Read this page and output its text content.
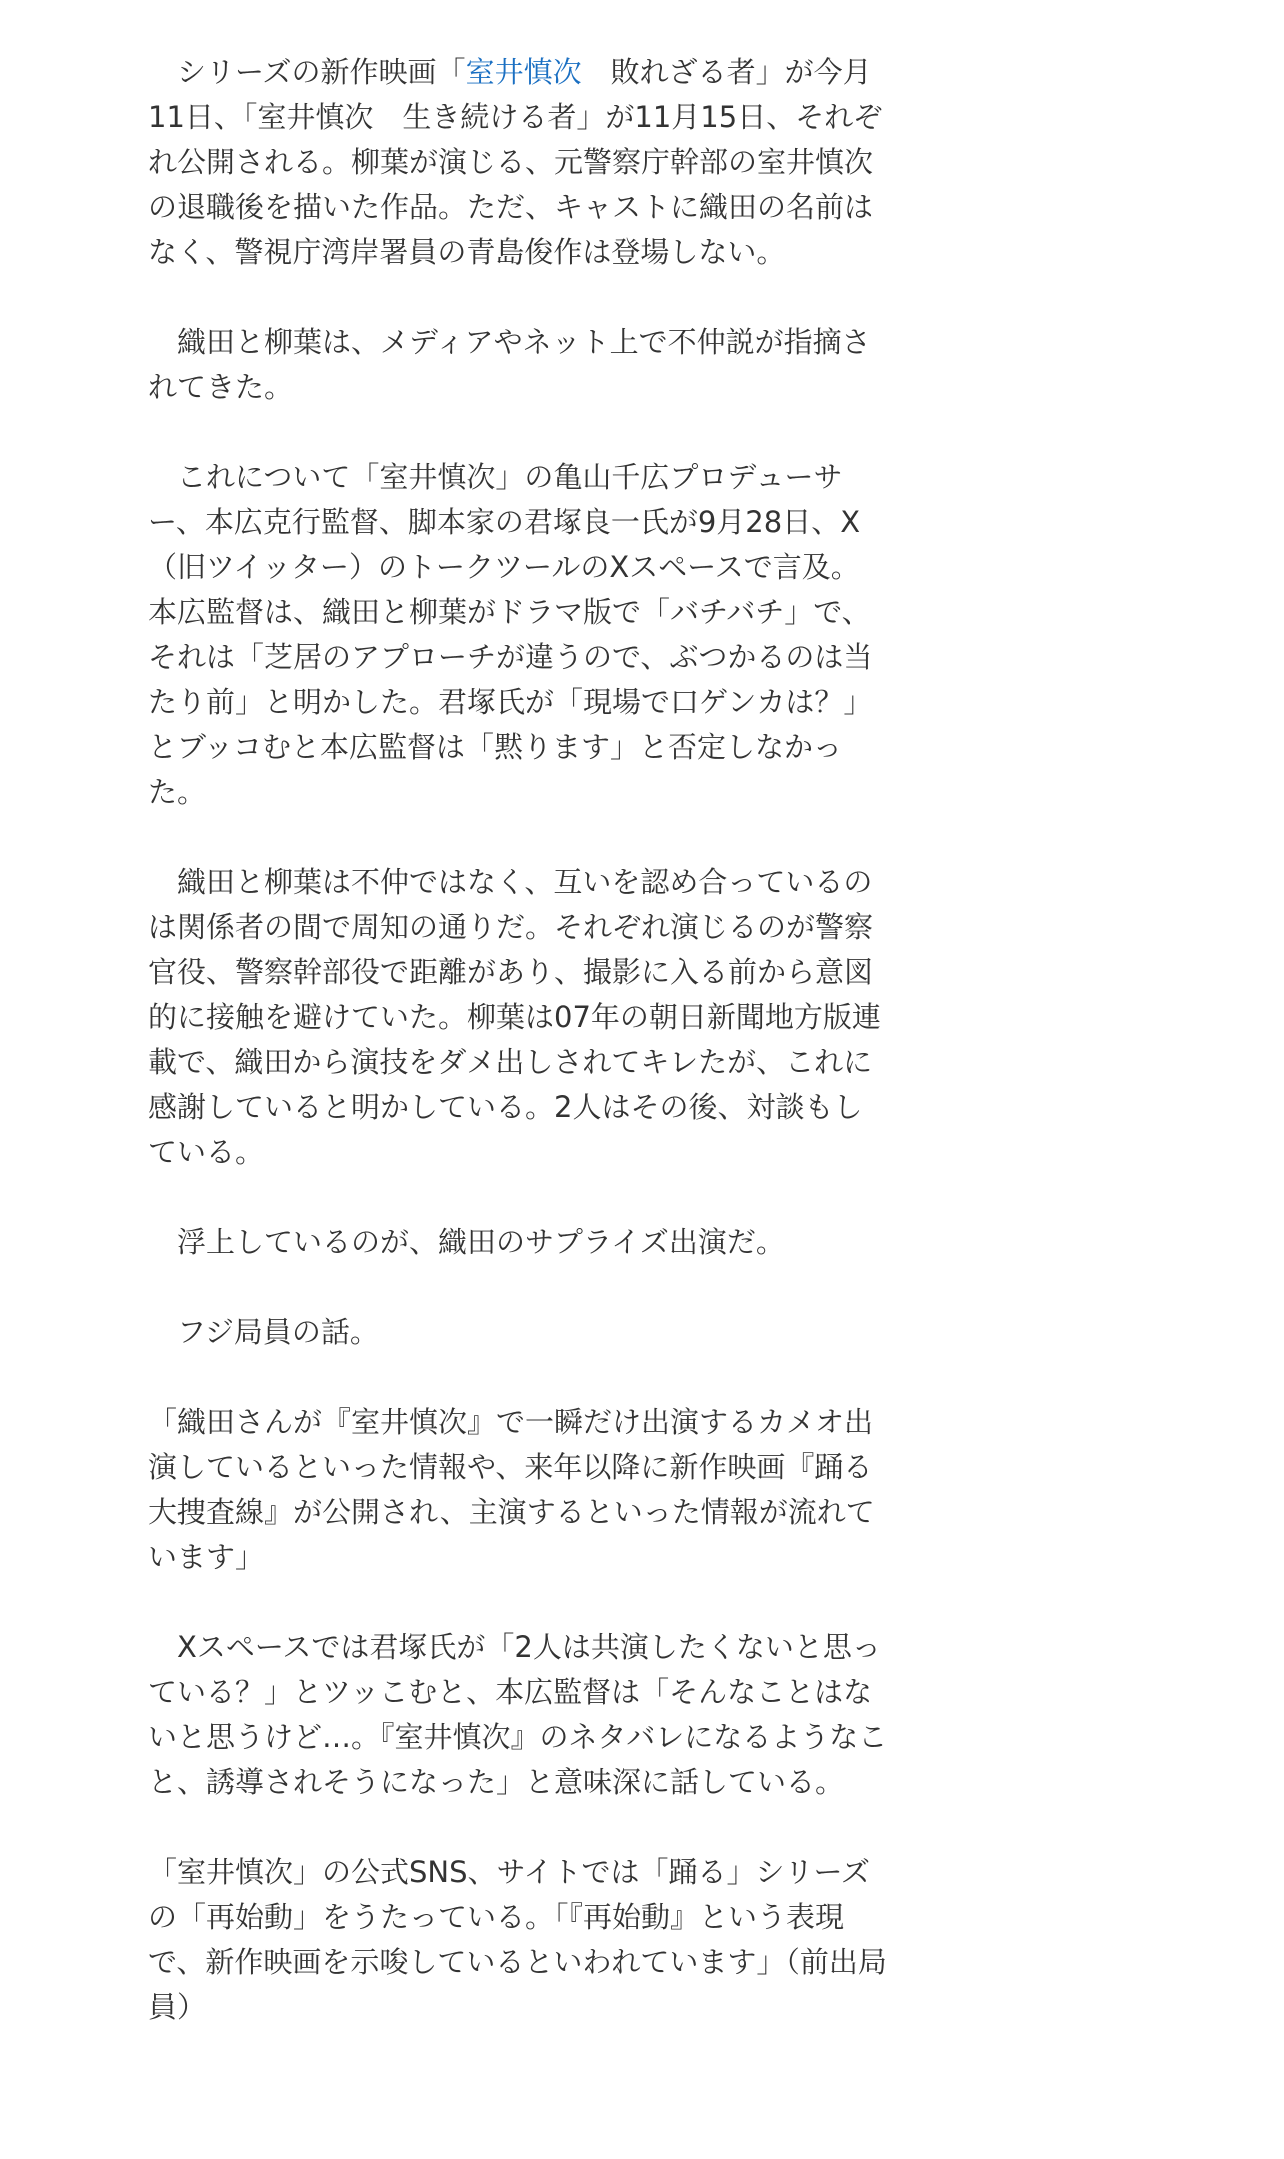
シリーズの新作映画「室井慎次　敗れざる者」が今月11日、「室井慎次　生き続ける者」が11月15日、それぞれ公開される。柳葉が演じる、元警察庁幹部の室井慎次の退職後を描いた作品。ただ、キャストに織田の名前はなく、警視庁湾岸署員の青島俊作は登場しない。

織田と柳葉は、メディアやネット上で不仲説が指摘されてきた。

これについて「室井慎次」の亀山千広プロデューサー、本広克行監督、脚本家の君塚良一氏が9月28日、X（旧ツイッター）のトークツールのXスペースで言及。本広監督は、織田と柳葉がドラマ版で「バチバチ」で、それは「芝居のアプローチが違うので、ぶつかるのは当たり前」と明かした。君塚氏が「現場で口ゲンカは？」とブッコむと本広監督は「黙ります」と否定しなかった。

織田と柳葉は不仲ではなく、互いを認め合っているのは関係者の間で周知の通りだ。それぞれ演じるのが警察官役、警察幹部役で距離があり、撮影に入る前から意図的に接触を避けていた。柳葉は07年の朝日新聞地方版連載で、織田から演技をダメ出しされてキレたが、これに感謝していると明かしている。2人はその後、対談もしている。

浮上しているのが、織田のサプライズ出演だ。

フジ局員の話。

「織田さんが『室井慎次』で一瞬だけ出演するカメオ出演しているといった情報や、来年以降に新作映画『踊る大捜査線』が公開され、主演するといった情報が流れています」

Xスペースでは君塚氏が「2人は共演したくないと思っている？」とツッこむと、本広監督は「そんなことはないと思うけど…。『室井慎次』のネタバレになるようなこと、誘導されそうになった」と意味深に話している。

「室井慎次」の公式SNS、サイトでは「踊る」シリーズの「再始動」をうたっている。「『再始動』という表現で、新作映画を示唆しているといわれています」（前出局員）
